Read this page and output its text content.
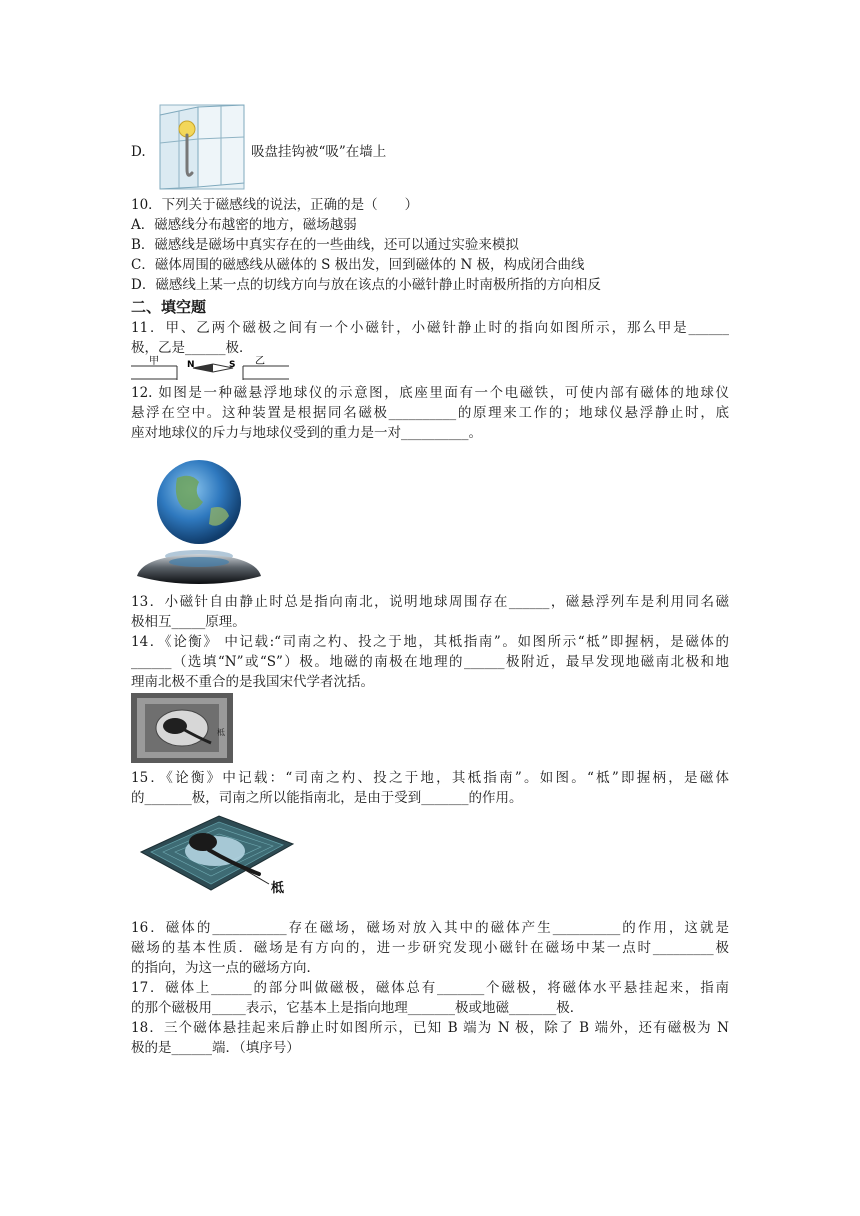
D.	吸盘挂钩被“吸”在墙上
10．下列关于磁感线的说法，正确的是（　　）
A．磁感线分布越密的地方，磁场越弱
B．磁感线是磁场中真实存在的一些曲线，还可以通过实验来模拟
C．磁体周围的磁感线从磁体的 S 极出发，回到磁体的 N 极，构成闭合曲线
D．磁感线上某一点的切线方向与放在该点的小磁针静止时南极所指的方向相反
二、填空题
11．甲、乙两个磁极之间有一个小磁针，小磁针静止时的指向如图所示，那么甲是______
极，乙是______极．
甲	N	S 乙
12. 如图是一种磁悬浮地球仪的示意图，底座里面有一个电磁铁，可使内部有磁体的地球仪
悬浮在空中。这种装置是根据同名磁极__________的原理来工作的；地球仪悬浮静止时，底
座对地球仪的斥力与地球仪受到的重力是一对__________。
13．小磁针自由静止时总是指向南北，说明地球周围存在______，磁悬浮列车是利用同名磁
极相互_____原理。
14．《论衡》 中记载:“司南之杓、投之于地，其柢指南”。如图所示“柢”即握柄，是磁体的
______（选填“N”或“S”）极。地磁的南极在地理的______极附近，最早发现地磁南北极和地
理南北极不重合的是我国宋代学者沈括。
柢
15．《论衡》中记载：“司南之杓、投之于地，其柢指南”。如图。“柢”即握柄，是磁体
的_______极，司南之所以能指南北，是由于受到_______的作用。
柢
16．磁体的___________存在磁场，磁场对放入其中的磁体产生__________的作用，这就是
磁场的基本性质．磁场是有方向的，进一步研究发现小磁针在磁场中某一点时_________极
的指向，为这一点的磁场方向．
17．磁体上______的部分叫做磁极，磁体总有_______个磁极，将磁体水平悬挂起来，指南
的那个磁极用_____表示，它基本上是指向地理_______极或地磁_______极．
18．三个磁体悬挂起来后静止时如图所示，已知 B 端为 N 极，除了 B 端外，还有磁极为 N
极的是______端．（填序号）
